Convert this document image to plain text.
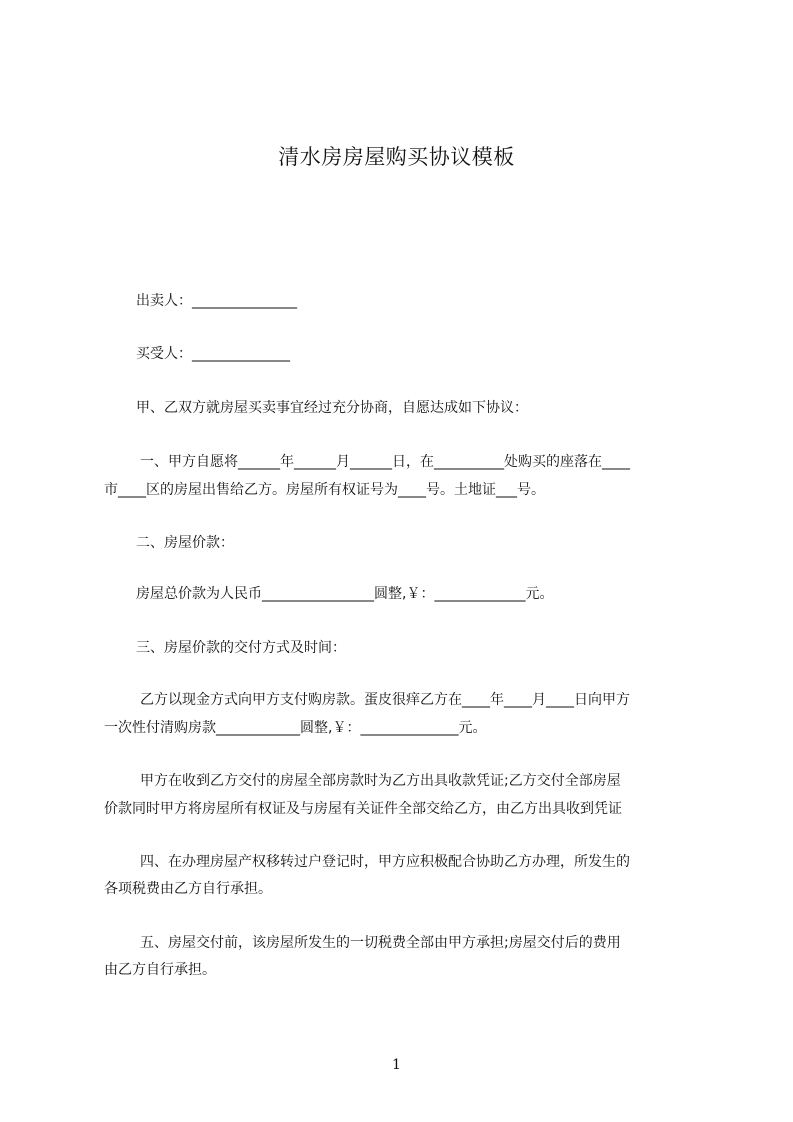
清水房房屋购买协议模板
出卖人：_______________
买受人：______________
甲、乙双方就房屋买卖事宜经过充分协商，自愿达成如下协议：
一、甲方自愿将______年______月______日，在__________处购买的座落在____
市____区的房屋出售给乙方。房屋所有权证号为____号。土地证___号。
二、房屋价款：
房屋总价款为人民币________________圆整,￥：_____________元。
三、房屋价款的交付方式及时间：
乙方以现金方式向甲方支付购房款。蛋皮很痒乙方在____年____月____日向甲方
一次性付清购房款____________圆整,￥：______________元。
甲方在收到乙方交付的房屋全部房款时为乙方出具收款凭证;乙方交付全部房屋
价款同时甲方将房屋所有权证及与房屋有关证件全部交给乙方，由乙方出具收到凭证
四、在办理房屋产权移转过户登记时，甲方应积极配合协助乙方办理，所发生的
各项税费由乙方自行承担。
五、房屋交付前，该房屋所发生的一切税费全部由甲方承担;房屋交付后的费用
由乙方自行承担。
1
